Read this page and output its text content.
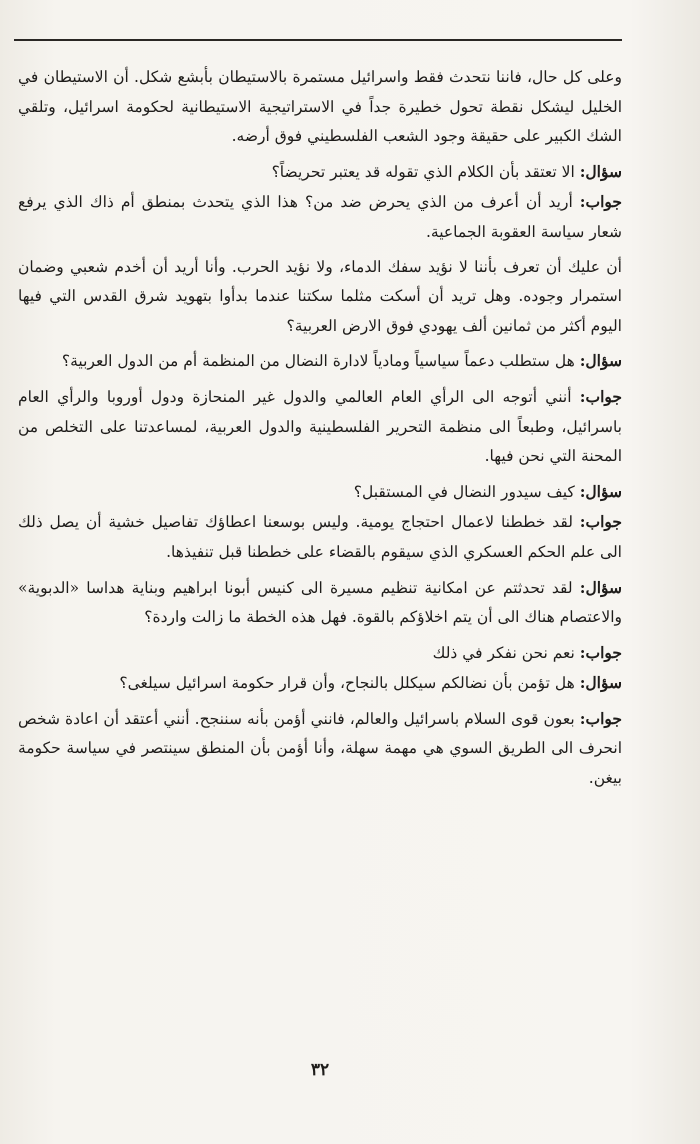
وعلى كل حال، فاننا نتحدث فقط واسرائيل مستمرة بالاستيطان بأبشع شكل. أن الاستيطان في الخليل ليشكل نقطة تحول خطيرة جداً في الاستراتيجية الاستيطانية لحكومة اسرائيل، وتلقي الشك الكبير على حقيقة وجود الشعب الفلسطيني فوق أرضه.

سؤال: الا تعتقد بأن الكلام الذي تقوله قد يعتبر تحريضاً؟

جواب: أريد أن أعرف من الذي يحرض ضد من؟ هذا الذي يتحدث بمنطق أم ذاك الذي يرفع شعار سياسة العقوبة الجماعية.

أن عليك أن تعرف بأننا لا نؤيد سفك الدماء، ولا نؤيد الحرب. وأنا أريد أن أخدم شعبي وضمان استمرار وجوده. وهل تريد أن أسكت مثلما سكتنا عندما بدأوا بتهويد شرق القدس التي فيها اليوم أكثر من ثمانين ألف يهودي فوق الارض العربية؟

سؤال: هل ستطلب دعماً سياسياً ومادياً لادارة النضال من المنظمة أم من الدول العربية؟

جواب: أنني أتوجه الى الرأي العام العالمي والدول غير المنحازة ودول أوروبا والرأي العام باسرائيل، وطبعاً الى منظمة التحرير الفلسطينية والدول العربية، لمساعدتنا على التخلص من المحنة التي نحن فيها.

سؤال: كيف سيدور النضال في المستقبل؟

جواب: لقد خططنا لاعمال احتجاج يومية. وليس بوسعنا اعطاؤك تفاصيل خشية أن يصل ذلك الى علم الحكم العسكري الذي سيقوم بالقضاء على خططنا قبل تنفيذها.

سؤال: لقد تحدثتم عن امكانية تنظيم مسيرة الى كنيس أبونا ابراهيم وبناية هداسا «الدبوية» والاعتصام هناك الى أن يتم اخلاؤكم بالقوة. فهل هذه الخطة ما زالت واردة؟

جواب: نعم نحن نفكر في ذلك

سؤال: هل تؤمن بأن نضالكم سيكلل بالنجاح، وأن قرار حكومة اسرائيل سيلغى؟

جواب: بعون قوى السلام باسرائيل والعالم، فانني أؤمن بأنه سننجح. أنني أعتقد أن اعادة شخص انحرف الى الطريق السوي هي مهمة سهلة، وأنا أؤمن بأن المنطق سينتصر في سياسة حكومة بيغن.

٣٢
